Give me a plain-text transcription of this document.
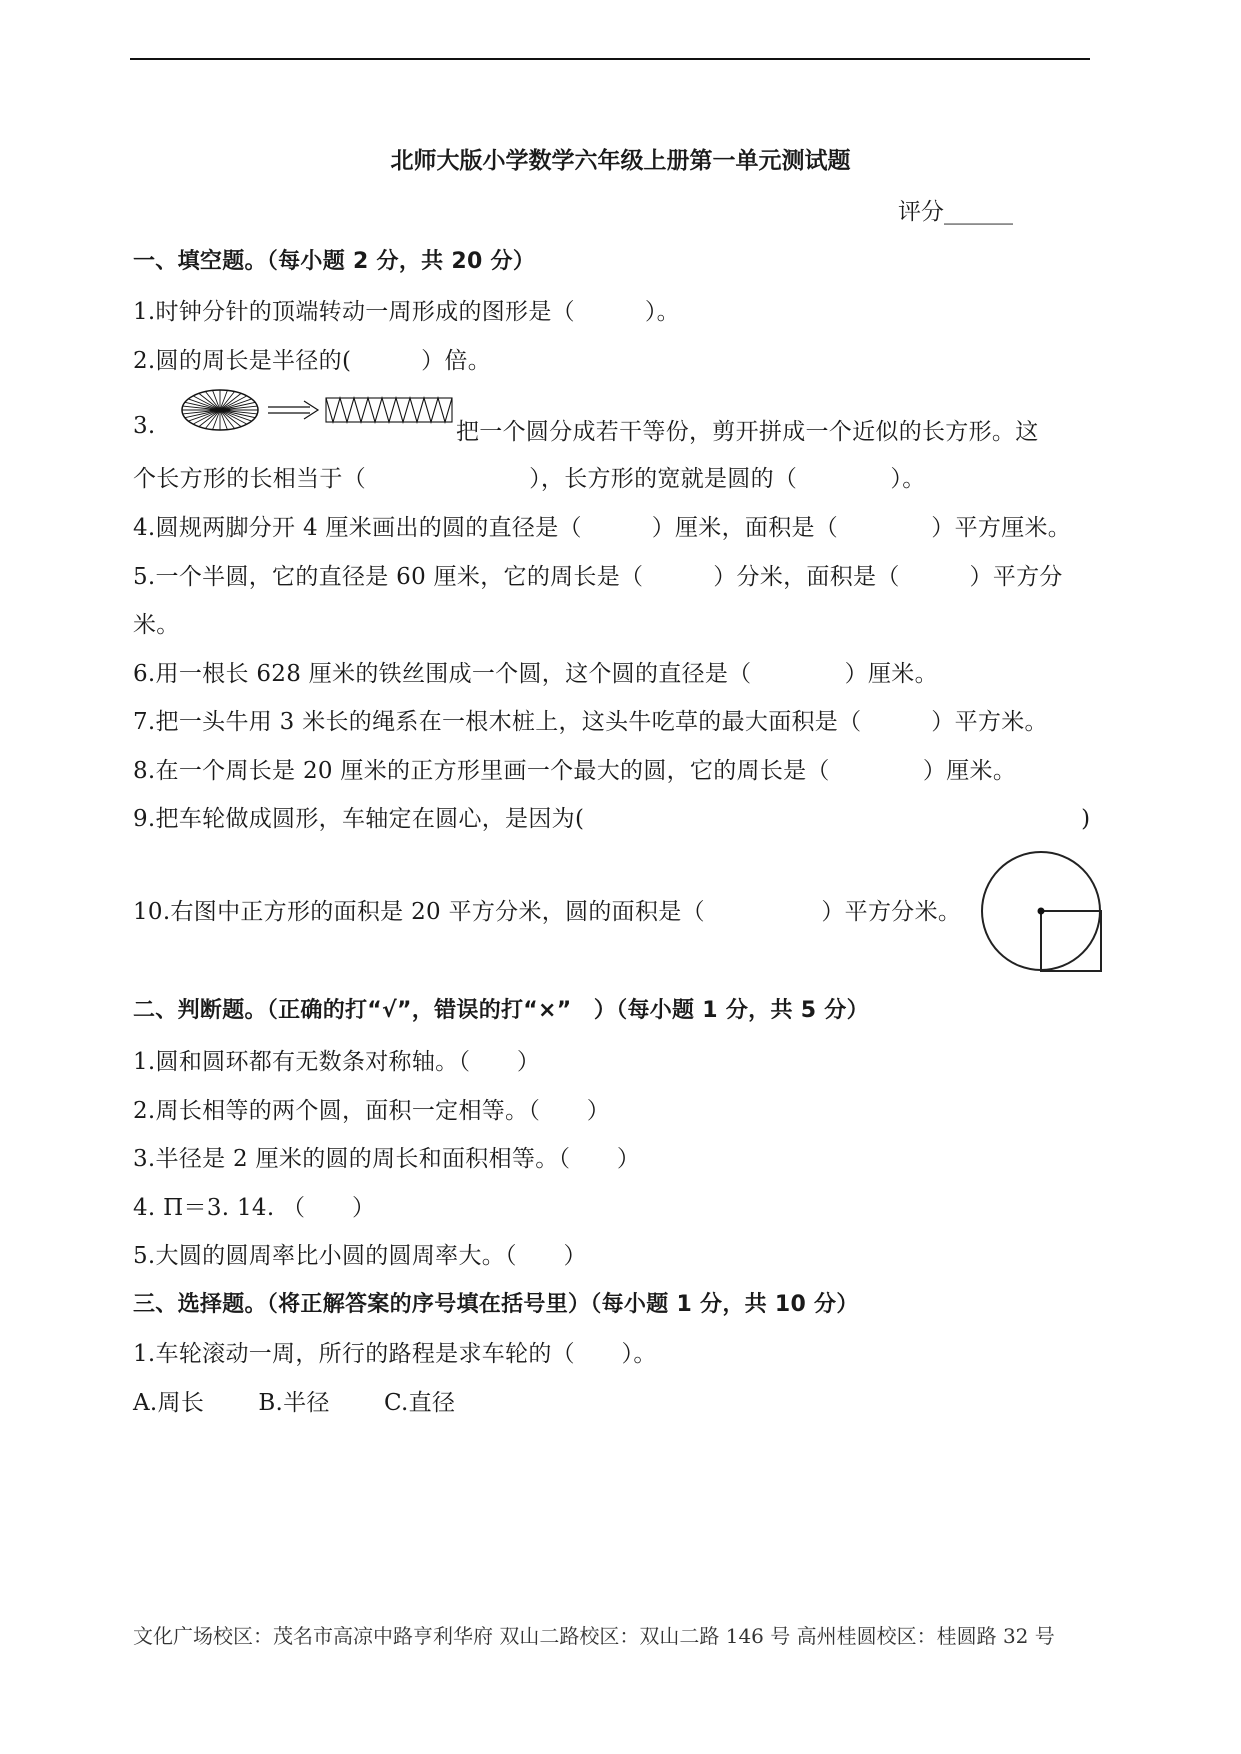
北师大版小学数学六年级上册第一单元测试题
评分______
一、填空题。（每小题 2 分，共 20 分）
1.时钟分针的顶端转动一周形成的图形是（　　　）。
2.圆的周长是半径的(　　　）倍。
3.	把一个圆分成若干等份，剪开拼成一个近似的长方形。这
个长方形的长相当于（　　　　　　　），长方形的宽就是圆的（　　　　）。
4.圆规两脚分开 4 厘米画出的圆的直径是（　　　）厘米，面积是（　　　　）平方厘米。
5.一个半圆，它的直径是 60 厘米，它的周长是（　　　）分米，面积是（　　　）平方分
米。
6.用一根长 628 厘米的铁丝围成一个圆，这个圆的直径是（　　　　）厘米。
7.把一头牛用 3 米长的绳系在一根木桩上，这头牛吃草的最大面积是（　　　）平方米。
8.在一个周长是 20 厘米的正方形里画一个最大的圆，它的周长是（　　　　）厘米。
9.把车轮做成圆形，车轴定在圆心，是因为(　　　　　　　　　　　　　　　　　　　　　 )
10.右图中正方形的面积是 20 平方分米，圆的面积是（　　　　　）平方分米。
二、判断题。（正确的打“√”，错误的打“×”　）（每小题 1 分，共 5 分）
1.圆和圆环都有无数条对称轴。（　　）
2.周长相等的两个圆，面积一定相等。（　　）
3.半径是 2 厘米的圆的周长和面积相等。（　　）
4. Π＝3. 14. （　　）
5.大圆的圆周率比小圆的圆周率大。（　　）
三、选择题。（将正解答案的序号填在括号里）（每小题 1 分，共 10 分）
1.车轮滚动一周，所行的路程是求车轮的（　　）。
A.周长　　 B.半径　　 C.直径
文化广场校区：茂名市高凉中路亨利华府 双山二路校区：双山二路 146 号 高州桂圆校区：桂圆路 32 号
